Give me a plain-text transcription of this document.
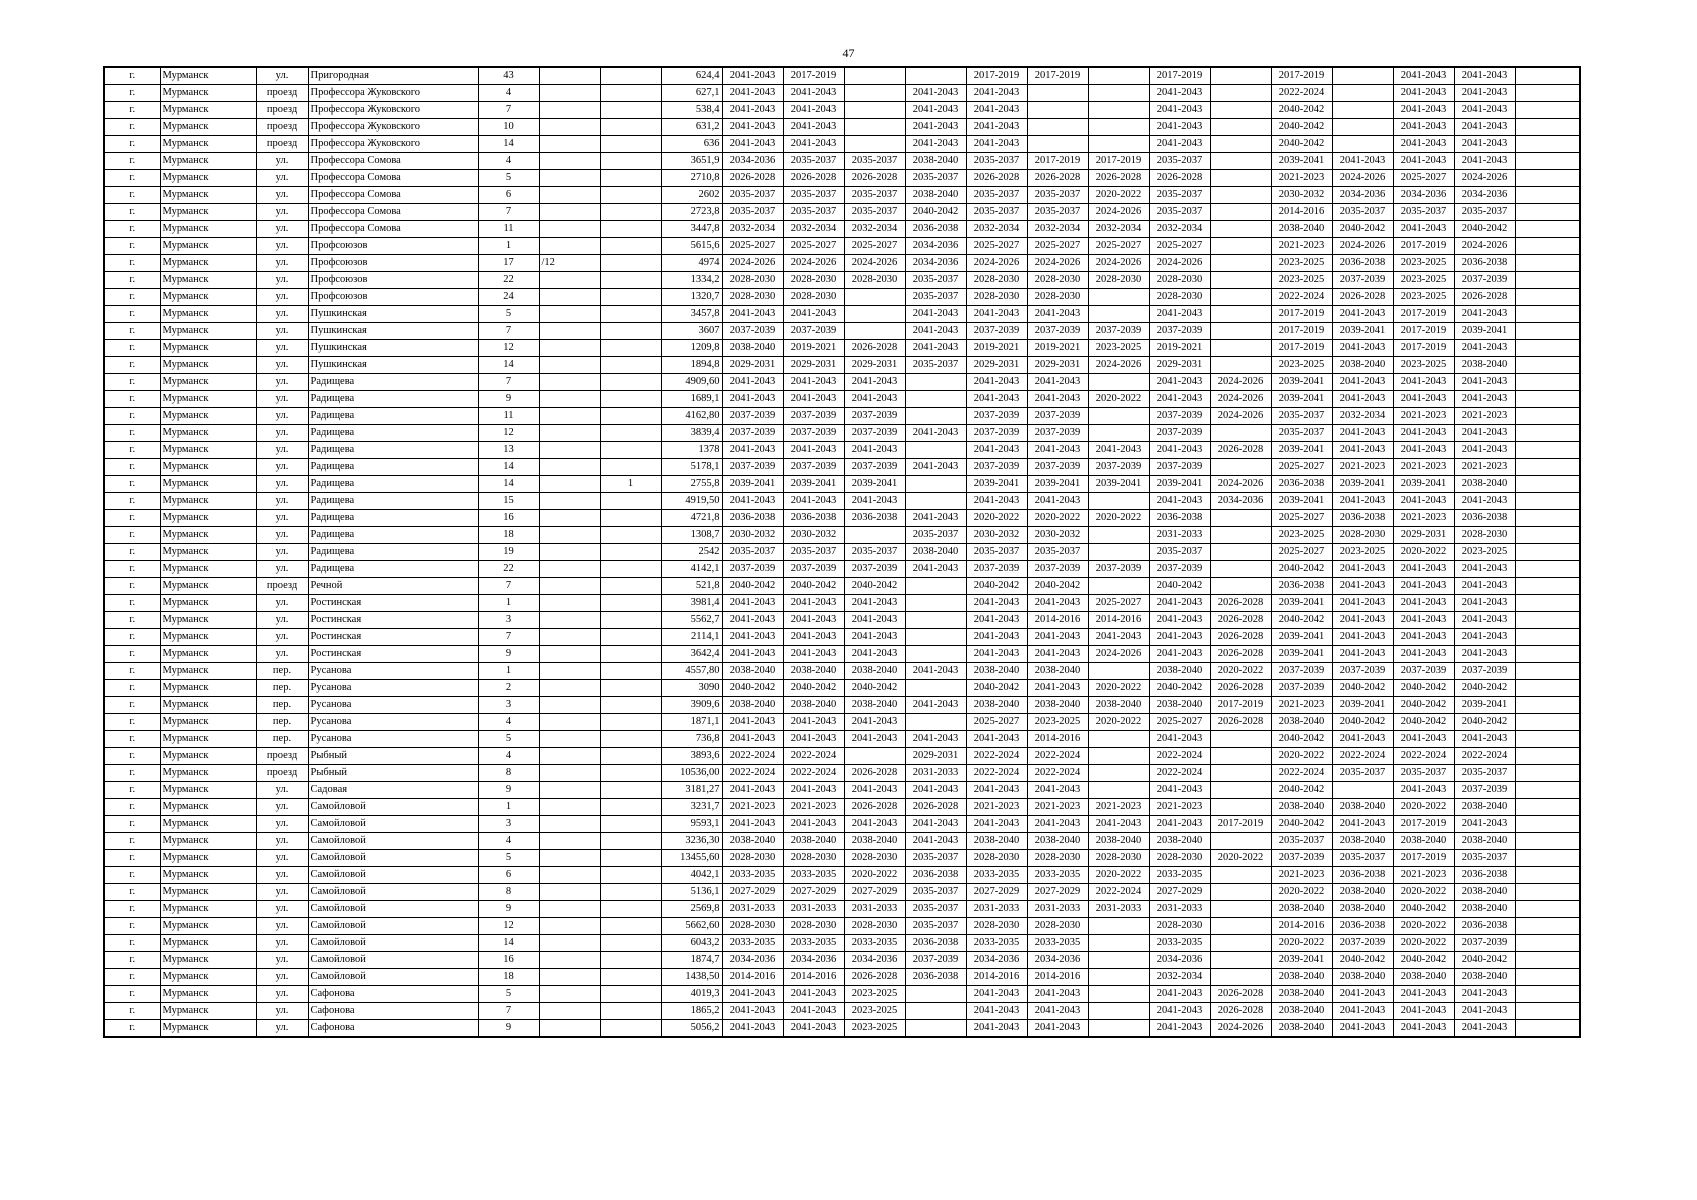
47
г.	Мурманск	ул.	Пригородная	43			624,4	2041-2043	2017-2019			2017-2019	2017-2019		2017-2019		2017-2019		2041-2043	2041-2043	
г.	Мурманск	проезд	Профессора Жуковского	4			627,1	2041-2043	2041-2043		2041-2043	2041-2043			2041-2043		2022-2024		2041-2043	2041-2043	
г.	Мурманск	проезд	Профессора Жуковского	7			538,4	2041-2043	2041-2043		2041-2043	2041-2043			2041-2043		2040-2042		2041-2043	2041-2043	
г.	Мурманск	проезд	Профессора Жуковского	10			631,2	2041-2043	2041-2043		2041-2043	2041-2043			2041-2043		2040-2042		2041-2043	2041-2043	
г.	Мурманск	проезд	Профессора Жуковского	14			636	2041-2043	2041-2043		2041-2043	2041-2043			2041-2043		2040-2042		2041-2043	2041-2043	
г.	Мурманск	ул.	Профессора Сомова	4			3651,9	2034-2036	2035-2037	2035-2037	2038-2040	2035-2037	2017-2019	2017-2019	2035-2037		2039-2041	2041-2043	2041-2043	2041-2043	
г.	Мурманск	ул.	Профессора Сомова	5			2710,8	2026-2028	2026-2028	2026-2028	2035-2037	2026-2028	2026-2028	2026-2028	2026-2028		2021-2023	2024-2026	2025-2027	2024-2026	
г.	Мурманск	ул.	Профессора Сомова	6			2602	2035-2037	2035-2037	2035-2037	2038-2040	2035-2037	2035-2037	2020-2022	2035-2037		2030-2032	2034-2036	2034-2036	2034-2036	
г.	Мурманск	ул.	Профессора Сомова	7			2723,8	2035-2037	2035-2037	2035-2037	2040-2042	2035-2037	2035-2037	2024-2026	2035-2037		2014-2016	2035-2037	2035-2037	2035-2037	
г.	Мурманск	ул.	Профессора Сомова	11			3447,8	2032-2034	2032-2034	2032-2034	2036-2038	2032-2034	2032-2034	2032-2034	2032-2034		2038-2040	2040-2042	2041-2043	2040-2042	
г.	Мурманск	ул.	Профсоюзов	1			5615,6	2025-2027	2025-2027	2025-2027	2034-2036	2025-2027	2025-2027	2025-2027	2025-2027		2021-2023	2024-2026	2017-2019	2024-2026	
г.	Мурманск	ул.	Профсоюзов	17	/12		4974	2024-2026	2024-2026	2024-2026	2034-2036	2024-2026	2024-2026	2024-2026	2024-2026		2023-2025	2036-2038	2023-2025	2036-2038	
г.	Мурманск	ул.	Профсоюзов	22			1334,2	2028-2030	2028-2030	2028-2030	2035-2037	2028-2030	2028-2030	2028-2030	2028-2030		2023-2025	2037-2039	2023-2025	2037-2039	
г.	Мурманск	ул.	Профсоюзов	24			1320,7	2028-2030	2028-2030		2035-2037	2028-2030	2028-2030		2028-2030		2022-2024	2026-2028	2023-2025	2026-2028	
г.	Мурманск	ул.	Пушкинская	5			3457,8	2041-2043	2041-2043		2041-2043	2041-2043	2041-2043		2041-2043		2017-2019	2041-2043	2017-2019	2041-2043	
г.	Мурманск	ул.	Пушкинская	7			3607	2037-2039	2037-2039		2041-2043	2037-2039	2037-2039	2037-2039	2037-2039		2017-2019	2039-2041	2017-2019	2039-2041	
г.	Мурманск	ул.	Пушкинская	12			1209,8	2038-2040	2019-2021	2026-2028	2041-2043	2019-2021	2019-2021	2023-2025	2019-2021		2017-2019	2041-2043	2017-2019	2041-2043	
г.	Мурманск	ул.	Пушкинская	14			1894,8	2029-2031	2029-2031	2029-2031	2035-2037	2029-2031	2029-2031	2024-2026	2029-2031		2023-2025	2038-2040	2023-2025	2038-2040	
г.	Мурманск	ул.	Радищева	7			4909,60	2041-2043	2041-2043	2041-2043		2041-2043	2041-2043		2041-2043	2024-2026	2039-2041	2041-2043	2041-2043	2041-2043	
г.	Мурманск	ул.	Радищева	9			1689,1	2041-2043	2041-2043	2041-2043		2041-2043	2041-2043	2020-2022	2041-2043	2024-2026	2039-2041	2041-2043	2041-2043	2041-2043	
г.	Мурманск	ул.	Радищева	11			4162,80	2037-2039	2037-2039	2037-2039		2037-2039	2037-2039		2037-2039	2024-2026	2035-2037	2032-2034	2021-2023	2021-2023	
г.	Мурманск	ул.	Радищева	12			3839,4	2037-2039	2037-2039	2037-2039	2041-2043	2037-2039	2037-2039		2037-2039		2035-2037	2041-2043	2041-2043	2041-2043	
г.	Мурманск	ул.	Радищева	13			1378	2041-2043	2041-2043	2041-2043		2041-2043	2041-2043	2041-2043	2041-2043	2026-2028	2039-2041	2041-2043	2041-2043	2041-2043	
г.	Мурманск	ул.	Радищева	14			5178,1	2037-2039	2037-2039	2037-2039	2041-2043	2037-2039	2037-2039	2037-2039	2037-2039		2025-2027	2021-2023	2021-2023	2021-2023	
г.	Мурманск	ул.	Радищева	14		1	2755,8	2039-2041	2039-2041	2039-2041		2039-2041	2039-2041	2039-2041	2039-2041	2024-2026	2036-2038	2039-2041	2039-2041	2038-2040	
г.	Мурманск	ул.	Радищева	15			4919,50	2041-2043	2041-2043	2041-2043		2041-2043	2041-2043		2041-2043	2034-2036	2039-2041	2041-2043	2041-2043	2041-2043	
г.	Мурманск	ул.	Радищева	16			4721,8	2036-2038	2036-2038	2036-2038	2041-2043	2020-2022	2020-2022	2020-2022	2036-2038		2025-2027	2036-2038	2021-2023	2036-2038	
г.	Мурманск	ул.	Радищева	18			1308,7	2030-2032	2030-2032		2035-2037	2030-2032	2030-2032		2031-2033		2023-2025	2028-2030	2029-2031	2028-2030	
г.	Мурманск	ул.	Радищева	19			2542	2035-2037	2035-2037	2035-2037	2038-2040	2035-2037	2035-2037		2035-2037		2025-2027	2023-2025	2020-2022	2023-2025	
г.	Мурманск	ул.	Радищева	22			4142,1	2037-2039	2037-2039	2037-2039	2041-2043	2037-2039	2037-2039	2037-2039	2037-2039		2040-2042	2041-2043	2041-2043	2041-2043	
г.	Мурманск	проезд	Речной	7			521,8	2040-2042	2040-2042	2040-2042		2040-2042	2040-2042		2040-2042		2036-2038	2041-2043	2041-2043	2041-2043	
г.	Мурманск	ул.	Ростинская	1			3981,4	2041-2043	2041-2043	2041-2043		2041-2043	2041-2043	2025-2027	2041-2043	2026-2028	2039-2041	2041-2043	2041-2043	2041-2043	
г.	Мурманск	ул.	Ростинская	3			5562,7	2041-2043	2041-2043	2041-2043		2041-2043	2014-2016	2014-2016	2041-2043	2026-2028	2040-2042	2041-2043	2041-2043	2041-2043	
г.	Мурманск	ул.	Ростинская	7			2114,1	2041-2043	2041-2043	2041-2043		2041-2043	2041-2043	2041-2043	2041-2043	2026-2028	2039-2041	2041-2043	2041-2043	2041-2043	
г.	Мурманск	ул.	Ростинская	9			3642,4	2041-2043	2041-2043	2041-2043		2041-2043	2041-2043	2024-2026	2041-2043	2026-2028	2039-2041	2041-2043	2041-2043	2041-2043	
г.	Мурманск	пер.	Русанова	1			4557,80	2038-2040	2038-2040	2038-2040	2041-2043	2038-2040	2038-2040		2038-2040	2020-2022	2037-2039	2037-2039	2037-2039	2037-2039	
г.	Мурманск	пер.	Русанова	2			3090	2040-2042	2040-2042	2040-2042		2040-2042	2041-2043	2020-2022	2040-2042	2026-2028	2037-2039	2040-2042	2040-2042	2040-2042	
г.	Мурманск	пер.	Русанова	3			3909,6	2038-2040	2038-2040	2038-2040	2041-2043	2038-2040	2038-2040	2038-2040	2038-2040	2017-2019	2021-2023	2039-2041	2040-2042	2039-2041	
г.	Мурманск	пер.	Русанова	4			1871,1	2041-2043	2041-2043	2041-2043		2025-2027	2023-2025	2020-2022	2025-2027	2026-2028	2038-2040	2040-2042	2040-2042	2040-2042	
г.	Мурманск	пер.	Русанова	5			736,8	2041-2043	2041-2043	2041-2043	2041-2043	2041-2043	2014-2016		2041-2043		2040-2042	2041-2043	2041-2043	2041-2043	
г.	Мурманск	проезд	Рыбный	4			3893,6	2022-2024	2022-2024		2029-2031	2022-2024	2022-2024		2022-2024		2020-2022	2022-2024	2022-2024	2022-2024	
г.	Мурманск	проезд	Рыбный	8			10536,00	2022-2024	2022-2024	2026-2028	2031-2033	2022-2024	2022-2024		2022-2024		2022-2024	2035-2037	2035-2037	2035-2037	
г.	Мурманск	ул.	Садовая	9			3181,27	2041-2043	2041-2043	2041-2043	2041-2043	2041-2043	2041-2043		2041-2043		2040-2042		2041-2043	2037-2039	
г.	Мурманск	ул.	Самойловой	1			3231,7	2021-2023	2021-2023	2026-2028	2026-2028	2021-2023	2021-2023	2021-2023	2021-2023		2038-2040	2038-2040	2020-2022	2038-2040	
г.	Мурманск	ул.	Самойловой	3			9593,1	2041-2043	2041-2043	2041-2043	2041-2043	2041-2043	2041-2043	2041-2043	2041-2043	2017-2019	2040-2042	2041-2043	2017-2019	2041-2043	
г.	Мурманск	ул.	Самойловой	4			3236,30	2038-2040	2038-2040	2038-2040	2041-2043	2038-2040	2038-2040	2038-2040	2038-2040		2035-2037	2038-2040	2038-2040	2038-2040	
г.	Мурманск	ул.	Самойловой	5			13455,60	2028-2030	2028-2030	2028-2030	2035-2037	2028-2030	2028-2030	2028-2030	2028-2030	2020-2022	2037-2039	2035-2037	2017-2019	2035-2037	
г.	Мурманск	ул.	Самойловой	6			4042,1	2033-2035	2033-2035	2020-2022	2036-2038	2033-2035	2033-2035	2020-2022	2033-2035		2021-2023	2036-2038	2021-2023	2036-2038	
г.	Мурманск	ул.	Самойловой	8			5136,1	2027-2029	2027-2029	2027-2029	2035-2037	2027-2029	2027-2029	2022-2024	2027-2029		2020-2022	2038-2040	2020-2022	2038-2040	
г.	Мурманск	ул.	Самойловой	9			2569,8	2031-2033	2031-2033	2031-2033	2035-2037	2031-2033	2031-2033	2031-2033	2031-2033		2038-2040	2038-2040	2040-2042	2038-2040	
г.	Мурманск	ул.	Самойловой	12			5662,60	2028-2030	2028-2030	2028-2030	2035-2037	2028-2030	2028-2030		2028-2030		2014-2016	2036-2038	2020-2022	2036-2038	
г.	Мурманск	ул.	Самойловой	14			6043,2	2033-2035	2033-2035	2033-2035	2036-2038	2033-2035	2033-2035		2033-2035		2020-2022	2037-2039	2020-2022	2037-2039	
г.	Мурманск	ул.	Самойловой	16			1874,7	2034-2036	2034-2036	2034-2036	2037-2039	2034-2036	2034-2036		2034-2036		2039-2041	2040-2042	2040-2042	2040-2042	
г.	Мурманск	ул.	Самойловой	18			1438,50	2014-2016	2014-2016	2026-2028	2036-2038	2014-2016	2014-2016		2032-2034		2038-2040	2038-2040	2038-2040	2038-2040	
г.	Мурманск	ул.	Сафонова	5			4019,3	2041-2043	2041-2043	2023-2025		2041-2043	2041-2043		2041-2043	2026-2028	2038-2040	2041-2043	2041-2043	2041-2043	
г.	Мурманск	ул.	Сафонова	7			1865,2	2041-2043	2041-2043	2023-2025		2041-2043	2041-2043		2041-2043	2026-2028	2038-2040	2041-2043	2041-2043	2041-2043	
г.	Мурманск	ул.	Сафонова	9			5056,2	2041-2043	2041-2043	2023-2025		2041-2043	2041-2043		2041-2043	2024-2026	2038-2040	2041-2043	2041-2043	2041-2043	
